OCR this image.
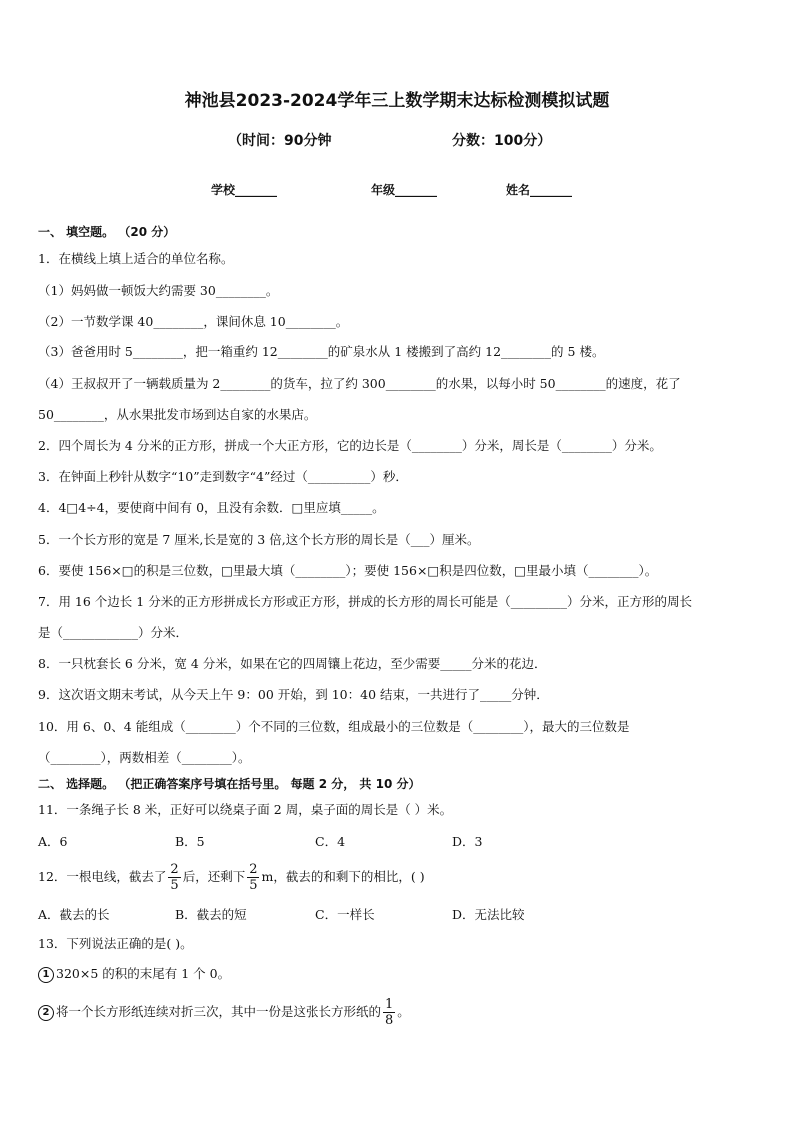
神池县2023-2024学年三上数学期末达标检测模拟试题
（时间：90分钟	分数：100分）
学校_______	年级_______	姓名_______
一、 填空题。 （20 分）
1．在横线上填上适合的单位名称。
（1）妈妈做一顿饭大约需要 30________。
（2）一节数学课 40________，课间休息 10________。
（3）爸爸用时 5________，把一箱重约 12________的矿泉水从 1 楼搬到了高约 12________的 5 楼。
（4）王叔叔开了一辆载质量为 2________的货车，拉了约 300________的水果，以每小时 50________的速度，花了
50________，从水果批发市场到达自家的水果店。
2．四个周长为 4 分米的正方形，拼成一个大正方形，它的边长是（________）分米，周长是（________）分米。
3．在钟面上秒针从数字“10”走到数字“4”经过（__________）秒．
4．4□4÷4，要使商中间有 0，且没有余数．□里应填_____。
5．一个长方形的宽是 7 厘米,长是宽的 3 倍,这个长方形的周长是（___）厘米。
6．要使 156×□的积是三位数，□里最大填（________）；要使 156×□积是四位数，□里最小填（________）。
7．用 16 个边长 1 分米的正方形拼成长方形或正方形，拼成的长方形的周长可能是（_________）分米，正方形的周长
是（____________）分米．
8．一只枕套长 6 分米，宽 4 分米，如果在它的四周镶上花边，至少需要_____分米的花边．
9．这次语文期末考试，从今天上午 9：00 开始，到 10：40 结束，一共进行了_____分钟．
10．用 6、0、4 能组成（________）个不同的三位数，组成最小的三位数是（________），最大的三位数是
（________），两数相差（________）。
二、 选择题。 （把正确答案序号填在括号里。 每题 2 分， 共 10 分）
11．一条绳子长 8 米，正好可以绕桌子面 2 周，桌子面的周长是（ ）米。
A．6	B．5	C．4	D．3
12．一根电线，截去了 $\frac{2}{5}$ 后，还剩下 $\frac{2}{5}$ m，截去的和剩下的相比，( )
A．截去的长	B．截去的短	C．一样长	D．无法比较
13．下列说法正确的是( )。
1 320×5 的积的末尾有 1 个 0。
2 将一个长方形纸连续对折三次，其中一份是这张长方形纸的 $\frac{1}{8}$ 。
